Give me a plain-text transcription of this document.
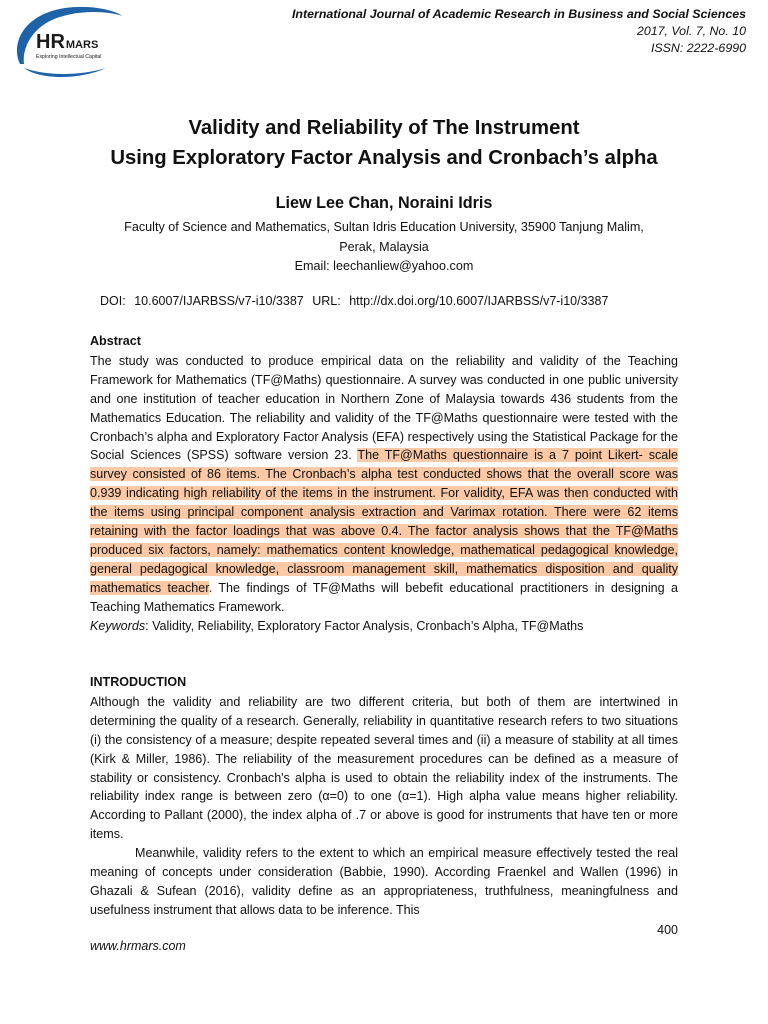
HRMARS
Exploring Intellectual Capital
International Journal of Academic Research in Business and Social Sciences
2017, Vol. 7, No. 10
ISSN: 2222-6990
Validity and Reliability of The Instrument
Using Exploratory Factor Analysis and Cronbach’s alpha
Liew Lee Chan, Noraini Idris
Faculty of Science and Mathematics, Sultan Idris Education University, 35900 Tanjung Malim,
Perak, Malaysia
Email: leechanliew@yahoo.com
DOI: 10.6007/IJARBSS/v7-i10/3387 URL: http://dx.doi.org/10.6007/IJARBSS/v7-i10/3387

Abstract

The study was conducted to produce empirical data on the reliability and validity of the Teaching Framework for Mathematics (TF@Maths) questionnaire. A survey was conducted in one public university and one institution of teacher education in Northern Zone of Malaysia towards 436 students from the Mathematics Education. The reliability and validity of the TF@Maths questionnaire were tested with the Cronbach’s alpha and Exploratory Factor Analysis (EFA) respectively using the Statistical Package for the Social Sciences (SPSS) software version 23. The TF@Maths questionnaire is a 7 point Likert- scale survey consisted of 86 items. The Cronbach’s alpha test conducted shows that the overall score was 0.939 indicating high reliability of the items in the instrument. For validity, EFA was then conducted with the items using principal component analysis extraction and Varimax rotation. There were 62 items retaining with the factor loadings that was above 0.4. The factor analysis shows that the TF@Maths produced six factors, namely: mathematics content knowledge, mathematical pedagogical knowledge, general pedagogical knowledge, classroom management skill, mathematics disposition and quality mathematics teacher. The findings of TF@Maths will bebefit educational practitioners in designing a Teaching Mathematics Framework.

Keywords: Validity, Reliability, Exploratory Factor Analysis, Cronbach’s Alpha, TF@Maths

INTRODUCTION

Although the validity and reliability are two different criteria, but both of them are intertwined in determining the quality of a research. Generally, reliability in quantitative research refers to two situations (i) the consistency of a measure; despite repeated several times and (ii) a measure of stability at all times (Kirk & Miller, 1986). The reliability of the measurement procedures can be defined as a measure of stability or consistency. Cronbach's alpha is used to obtain the reliability index of the instruments. The reliability index range is between zero (α=0) to one (α=1). High alpha value means higher reliability. According to Pallant (2000), the index alpha of .7 or above is good for instruments that have ten or more items.

Meanwhile, validity refers to the extent to which an empirical measure effectively tested the real meaning of concepts under consideration (Babbie, 1990). According Fraenkel and Wallen (1996) in Ghazali & Sufean (2016), validity define as an appropriateness, truthfulness, meaningfulness and usefulness instrument that allows data to be inference. This

400
www.hrmars.com
